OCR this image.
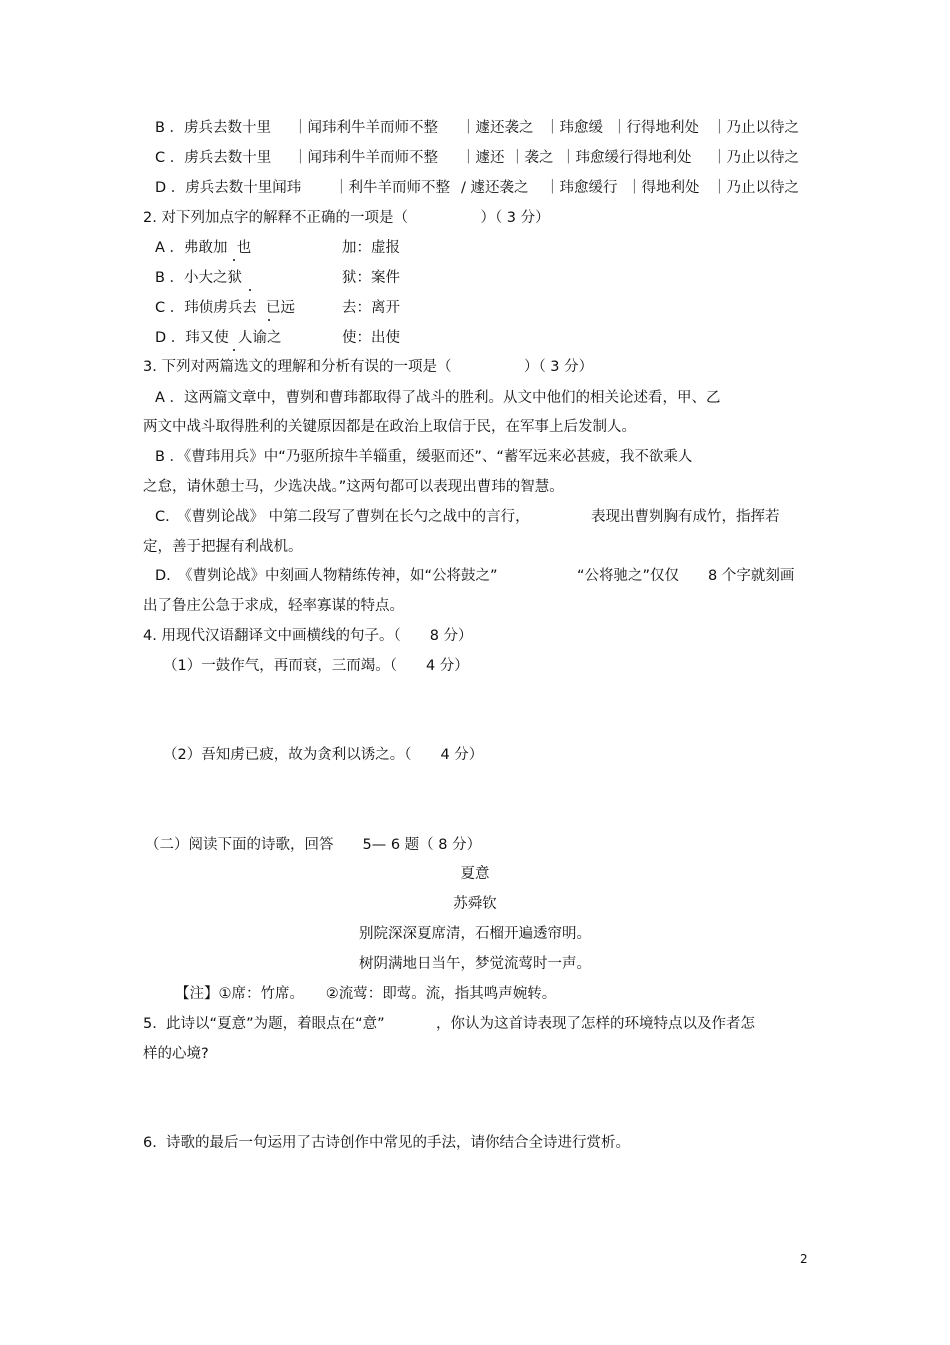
B ．虏兵去数十里 ｜闻玮利牛羊而师不整 ｜遽还袭之 ｜玮愈缓 ｜行得地利处 ｜乃止以待之
C ．虏兵去数十里 ｜闻玮利牛羊而师不整 ｜遽还 ｜袭之 ｜玮愈缓行得地利处 ｜乃止以待之
D ．虏兵去数十里闻玮 ｜利牛羊而师不整 / 遽还袭之 ｜玮愈缓行 ｜得地利处 ｜乃止以待之
2. 对下列加点字的解释不正确的一项是（　　　　　）（ 3 分）
A ．弗敢加  也	加：虚报
B ．小大之狱	狱：案件
C ．玮侦虏兵去  已远	去：离开
D ．玮又使  人谕之	使：出使
3. 下列对两篇选文的理解和分析有误的一项是（　　　　　）（ 3 分）
A ．这两篇文章中，曹刿和曹玮都取得了战斗的胜利。从文中他们的相关论述看，甲、乙
两文中战斗取得胜利的关键原因都是在政治上取信于民，在军事上后发制人。
B ．《曹玮用兵》中“乃驱所掠牛羊辎重，缓驱而还”、“蓄军远来必甚疲，我不欲乘人
之怠，请休憩士马，少选决战。”这两句都可以表现出曹玮的智慧。
C.　《曹刿论战》 中第二段写了曹刿在长勺之战中的言行，	表现出曹刿胸有成竹，指挥若
定，善于把握有利战机。
D.　《曹刿论战》中刻画人物精练传神，如“公将鼓之”	“公将驰之”仅仅 8 个字就刻画
出了鲁庄公急于求成，轻率寡谋的特点。
4. 用现代汉语翻译文中画横线的句子。（　　8 分）
（1）一鼓作气，再而衰，三而竭。（　　4 分）
（2）吾知虏已疲，故为贪利以诱之。（　　4 分）
（二）阅读下面的诗歌，回答　　5— 6 题（ 8 分）
夏意
苏舜钦
别院深深夏席清，石榴开遍透帘明。
树阴满地日当午，梦觉流莺时一声。
【注】①席：竹席。　　②流莺：即莺。流，指其鸣声婉转。
5.  此诗以“夏意”为题，着眼点在“意”	，你认为这首诗表现了怎样的环境特点以及作者怎
样的心境?
6.  诗歌的最后一句运用了古诗创作中常见的手法，请你结合全诗进行赏析。
2
